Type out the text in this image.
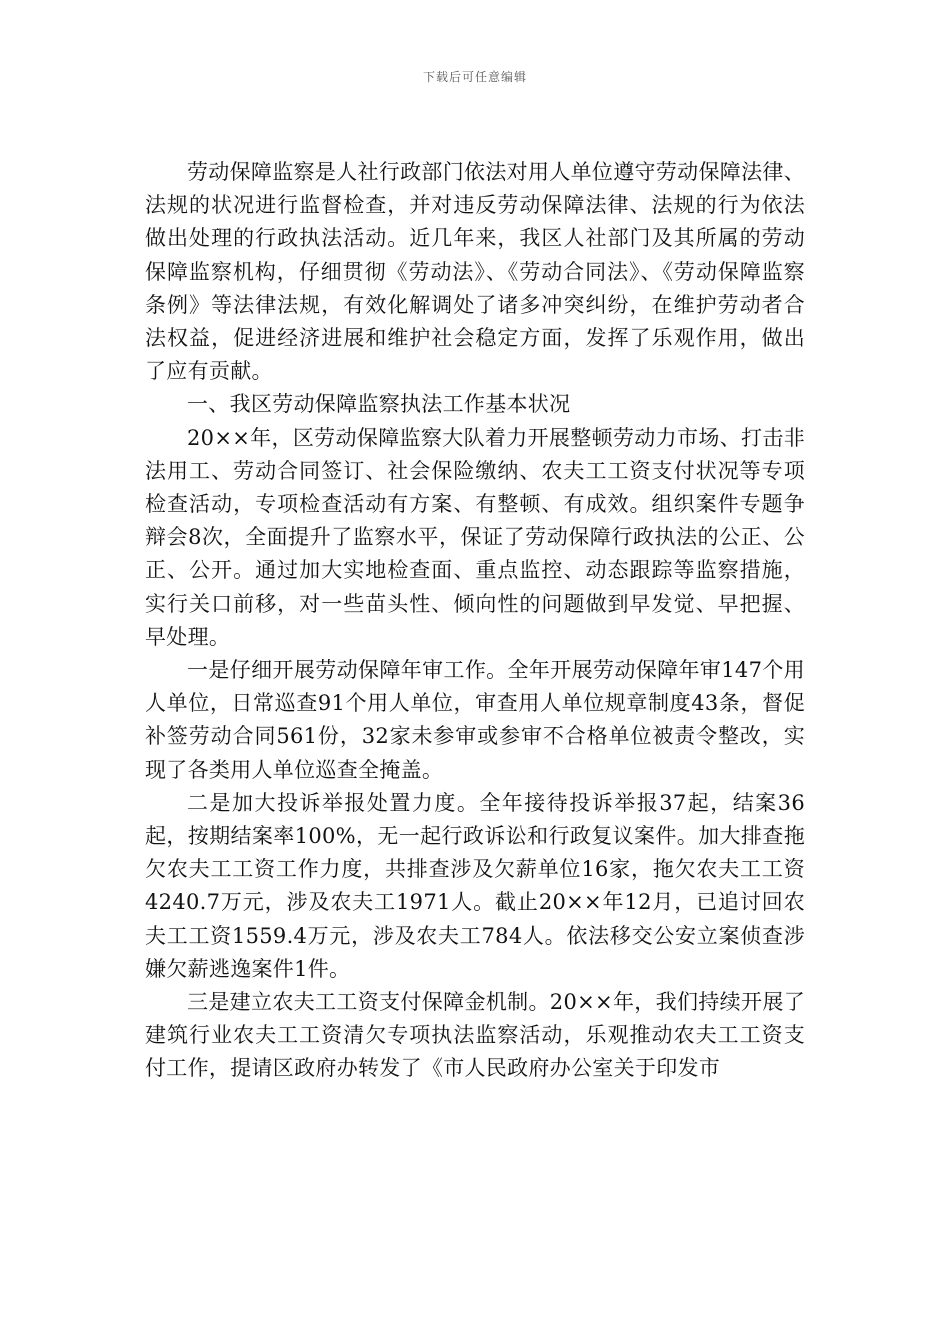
下载后可任意编辑

劳动保障监察是人社行政部门依法对用人单位遵守劳动保障法律、法规的状况进行监督检查，并对违反劳动保障法律、法规的行为依法做出处理的行政执法活动。近几年来，我区人社部门及其所属的劳动保障监察机构，仔细贯彻《劳动法》、《劳动合同法》、《劳动保障监察条例》等法律法规，有效化解调处了诸多冲突纠纷，在维护劳动者合法权益，促进经济进展和维护社会稳定方面，发挥了乐观作用，做出了应有贡献。

一、我区劳动保障监察执法工作基本状况

20××年，区劳动保障监察大队着力开展整顿劳动力市场、打击非法用工、劳动合同签订、社会保险缴纳、农夫工工资支付状况等专项检查活动，专项检查活动有方案、有整顿、有成效。组织案件专题争辩会8次，全面提升了监察水平，保证了劳动保障行政执法的公正、公正、公开。通过加大实地检查面、重点监控、动态跟踪等监察措施，实行关口前移，对一些苗头性、倾向性的问题做到早发觉、早把握、早处理。

一是仔细开展劳动保障年审工作。全年开展劳动保障年审147个用人单位，日常巡查91个用人单位，审查用人单位规章制度43条，督促补签劳动合同561份，32家未参审或参审不合格单位被责令整改，实现了各类用人单位巡查全掩盖。

二是加大投诉举报处置力度。全年接待投诉举报37起，结案36起，按期结案率100%，无一起行政诉讼和行政复议案件。加大排查拖欠农夫工工资工作力度，共排查涉及欠薪单位16家，拖欠农夫工工资4240.7万元，涉及农夫工1971人。截止20××年12月，已追讨回农夫工工资1559.4万元，涉及农夫工784人。依法移交公安立案侦查涉嫌欠薪逃逸案件1件。

三是建立农夫工工资支付保障金机制。20××年，我们持续开展了建筑行业农夫工工资清欠专项执法监察活动，乐观推动农夫工工资支付工作，提请区政府办转发了《市人民政府办公室关于印发市
